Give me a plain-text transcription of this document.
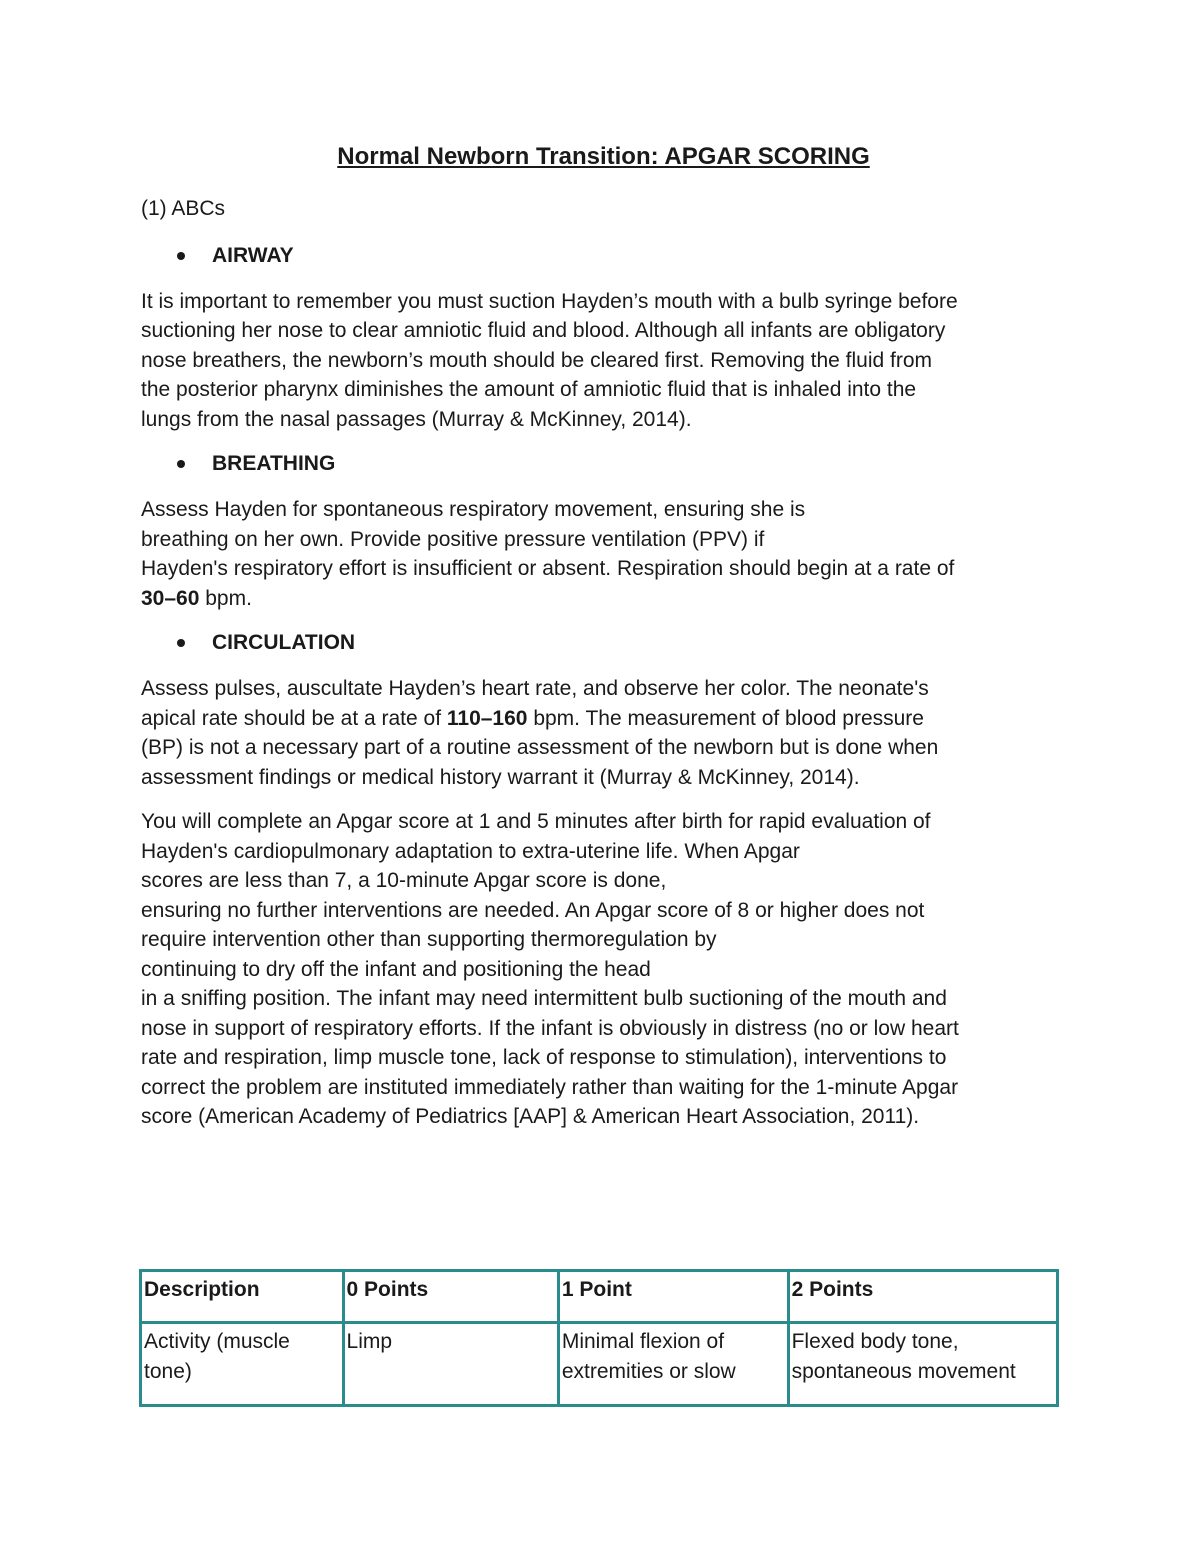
Normal Newborn Transition: APGAR SCORING

(1) ABCs

AIRWAY

It is important to remember you must suction Hayden’s mouth with a bulb syringe before
suctioning her nose to clear amniotic fluid and blood. Although all infants are obligatory
nose breathers, the newborn’s mouth should be cleared first. Removing the fluid from
the posterior pharynx diminishes the amount of amniotic fluid that is inhaled into the
lungs from the nasal passages (Murray & McKinney, 2014).

BREATHING

Assess Hayden for spontaneous respiratory movement, ensuring she is
breathing on her own. Provide positive pressure ventilation (PPV) if
Hayden's respiratory effort is insufficient or absent. Respiration should begin at a rate of
30–60 bpm.

CIRCULATION

Assess pulses, auscultate Hayden’s heart rate, and observe her color. The neonate's
apical rate should be at a rate of 110–160 bpm. The measurement of blood pressure
(BP) is not a necessary part of a routine assessment of the newborn but is done when
assessment findings or medical history warrant it (Murray & McKinney, 2014).

You will complete an Apgar score at 1 and 5 minutes after birth for rapid evaluation of
Hayden's cardiopulmonary adaptation to extra-uterine life. When Apgar
scores are less than 7, a 10-minute Apgar score is done,
ensuring no further interventions are needed. An Apgar score of 8 or higher does not
require intervention other than supporting thermoregulation by
continuing to dry off the infant and positioning the head
in a sniffing position. The infant may need intermittent bulb suctioning of the mouth and
nose in support of respiratory efforts. If the infant is obviously in distress (no or low heart
rate and respiration, limp muscle tone, lack of response to stimulation), interventions to
correct the problem are instituted immediately rather than waiting for the 1-minute Apgar
score (American Academy of Pediatrics [AAP] & American Heart Association, 2011).

Description	0 Points	1 Point	2 Points
Activity (muscle tone)	Limp	Minimal flexion of extremities or slow	Flexed body tone, spontaneous movement
